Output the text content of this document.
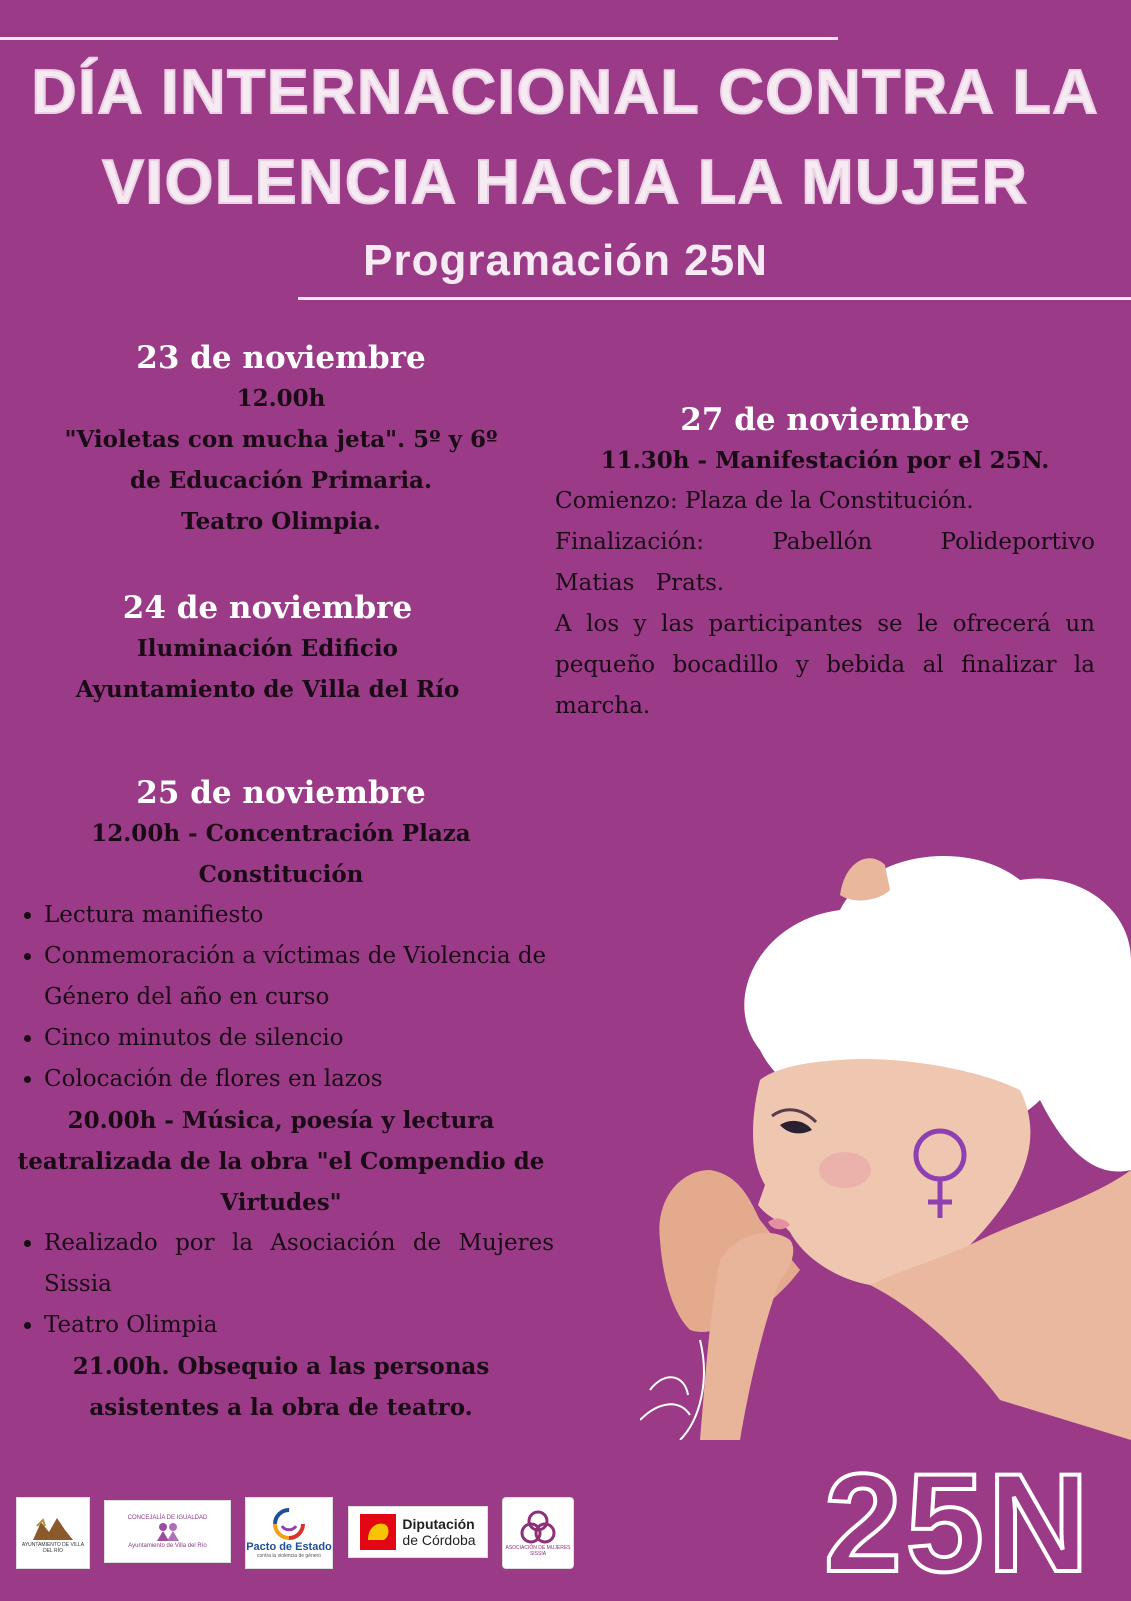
DÍA INTERNACIONAL CONTRA LA
VIOLENCIA HACIA LA MUJER
Programación 25N

23 de noviembre

12.00h

"Violetas con mucha jeta". 5º y 6º

de Educación Primaria.

Teatro Olimpia.

24 de noviembre

Iluminación Edificio

Ayuntamiento de Villa del Río

25 de noviembre

12.00h - Concentración Plaza

Constitución

• Lectura manifiesto
• Conmemoración a víctimas de Violencia de Género del año en curso
• Cinco minutos de silencio
• Colocación de flores en lazos

20.00h - Música, poesía y lectura

teatralizada de la obra "el Compendio de

Virtudes"

• Realizado por la Asociación de Mujeres Sissia
• Teatro Olimpia

21.00h. Obsequio a las personas

asistentes a la obra de teatro.

27 de noviembre

11.30h - Manifestación por el 25N.

Comienzo: Plaza de la Constitución.

Finalización: Pabellón Polideportivo Matias Prats.

A los y las participantes se le ofrecerá un pequeño bocadillo y bebida al finalizar la marcha.

25N
AYUNTAMIENTO DE VILLA DEL RÍO
CONCEJALÍA DE IGUALDAD
Ayuntamiento de Villa del Río	Pacto de Estado
contra la violencia de género
Diputación
de Córdoba	ASOCIACIÓN DE MUJERES SISSIA
